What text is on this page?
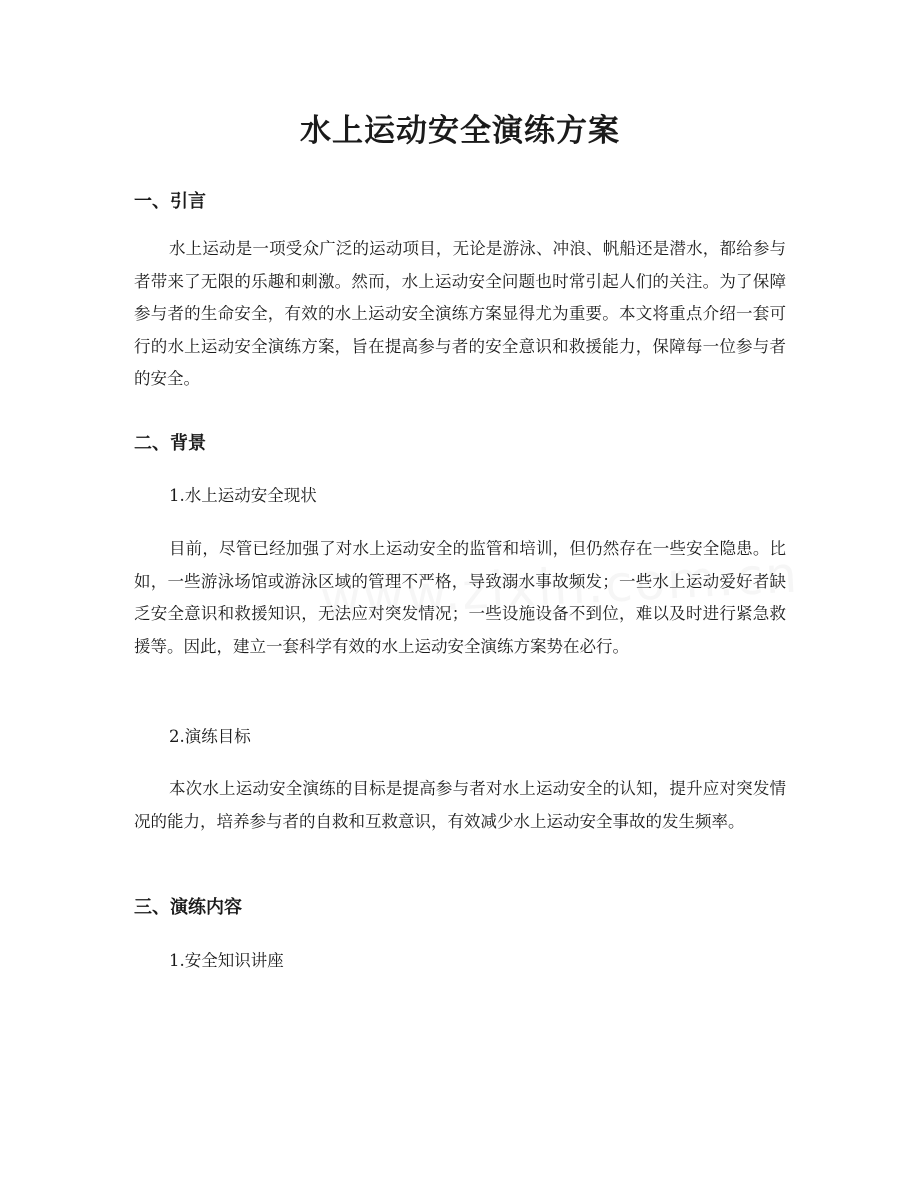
水上运动安全演练方案
一、引言

水上运动是一项受众广泛的运动项目，无论是游泳、冲浪、帆船还是潜水，都给参与者带来了无限的乐趣和刺激。然而，水上运动安全问题也时常引起人们的关注。为了保障参与者的生命安全，有效的水上运动安全演练方案显得尤为重要。本文将重点介绍一套可行的水上运动安全演练方案，旨在提高参与者的安全意识和救援能力，保障每一位参与者的安全。

二、背景

1.水上运动安全现状

目前，尽管已经加强了对水上运动安全的监管和培训，但仍然存在一些安全隐患。比如，一些游泳场馆或游泳区域的管理不严格，导致溺水事故频发；一些水上运动爱好者缺乏安全意识和救援知识，无法应对突发情况；一些设施设备不到位，难以及时进行紧急救援等。因此，建立一套科学有效的水上运动安全演练方案势在必行。

2.演练目标

本次水上运动安全演练的目标是提高参与者对水上运动安全的认知，提升应对突发情况的能力，培养参与者的自救和互救意识，有效减少水上运动安全事故的发生频率。

三、演练内容

1.安全知识讲座
